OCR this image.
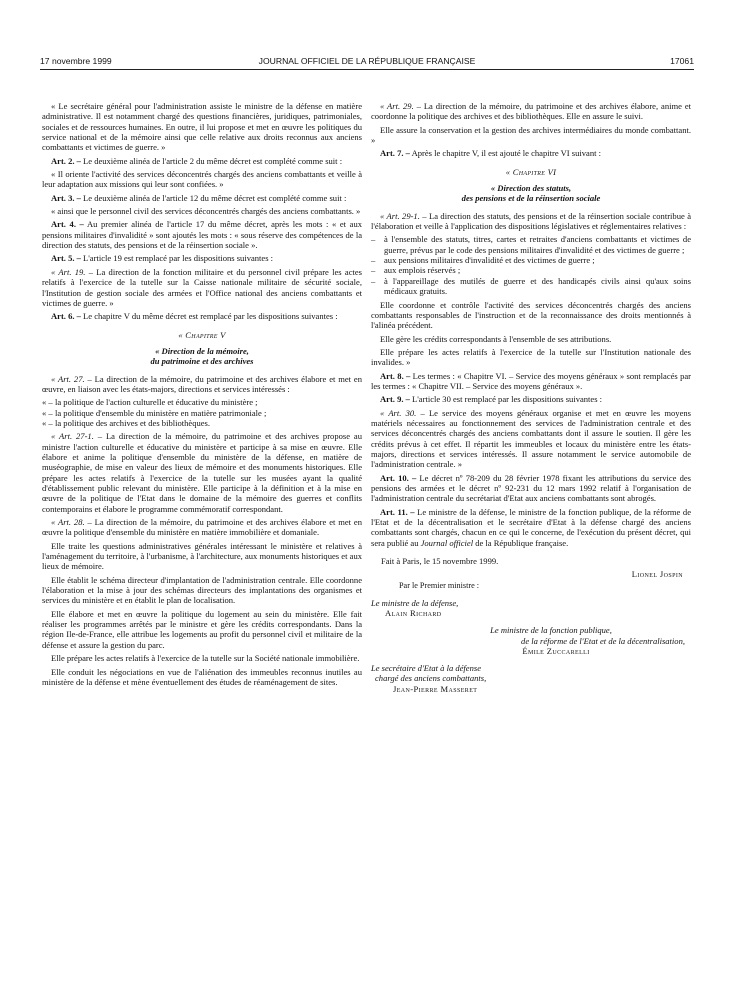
17 novembre 1999	JOURNAL OFFICIEL DE LA RÉPUBLIQUE FRANÇAISE	17061

« Le secrétaire général pour l'administration assiste le ministre de la défense en matière administrative. Il est notamment chargé des questions financières, juridiques, patrimoniales, sociales et de ressources humaines. En outre, il lui propose et met en œuvre les politiques du service national et de la mémoire ainsi que celle relative aux droits reconnus aux anciens combattants et victimes de guerre. »

Art. 2. – Le deuxième alinéa de l'article 2 du même décret est complété comme suit :

« Il oriente l'activité des services déconcentrés chargés des anciens combattants et veille à leur adaptation aux missions qui leur sont confiées. »

Art. 3. – Le deuxième alinéa de l'article 12 du même décret est complété comme suit :

« ainsi que le personnel civil des services déconcentrés chargés des anciens combattants. »

Art. 4. – Au premier alinéa de l'article 17 du même décret, après les mots : « et aux pensions militaires d'invalidité » sont ajoutés les mots : « sous réserve des compétences de la direction des statuts, des pensions et de la réinsertion sociale ».

Art. 5. – L'article 19 est remplacé par les dispositions suivantes :

« Art. 19. – La direction de la fonction militaire et du personnel civil prépare les actes relatifs à l'exercice de la tutelle sur la Caisse nationale militaire de sécurité sociale, l'Institution de gestion sociale des armées et l'Office national des anciens combattants et victimes de guerre. »

Art. 6. – Le chapitre V du même décret est remplacé par les dispositions suivantes :

« Chapitre V
« Direction de la mémoire,
du patrimoine et des archives

« Art. 27. – La direction de la mémoire, du patrimoine et des archives élabore et met en œuvre, en liaison avec les états-majors, directions et services intéressés :

« – la politique de l'action culturelle et éducative du ministère ;
« – la politique d'ensemble du ministère en matière patrimoniale ;
« – la politique des archives et des bibliothèques.

« Art. 27-1. – La direction de la mémoire, du patrimoine et des archives propose au ministre l'action culturelle et éducative du ministère et participe à sa mise en œuvre. Elle élabore et anime la politique d'ensemble du ministère de la défense, en matière de muséographie, de mise en valeur des lieux de mémoire et des monuments historiques. Elle prépare les actes relatifs à l'exercice de la tutelle sur les musées ayant la qualité d'établissement public relevant du ministère. Elle participe à la définition et à la mise en œuvre de la politique de l'Etat dans le domaine de la mémoire des guerres et conflits contemporains et élabore le programme commémoratif correspondant.

« Art. 28. – La direction de la mémoire, du patrimoine et des archives élabore et met en œuvre la politique d'ensemble du ministère en matière immobilière et domaniale.

Elle traite les questions administratives générales intéressant le ministère et relatives à l'aménagement du territoire, à l'urbanisme, à l'architecture, aux monuments historiques et aux lieux de mémoire.

Elle établit le schéma directeur d'implantation de l'administration centrale. Elle coordonne l'élaboration et la mise à jour des schémas directeurs des implantations des organismes et services du ministère et en établit le plan de localisation.

Elle élabore et met en œuvre la politique du logement au sein du ministère. Elle fait réaliser les programmes arrêtés par le ministre et gère les crédits correspondants. Dans la région Ile-de-France, elle attribue les logements au profit du personnel civil et militaire de la défense et assure la gestion du parc.

Elle prépare les actes relatifs à l'exercice de la tutelle sur la Société nationale immobilière.

Elle conduit les négociations en vue de l'aliénation des immeubles reconnus inutiles au ministère de la défense et mène éventuellement des études de réaménagement de sites.

« Art. 29. – La direction de la mémoire, du patrimoine et des archives élabore, anime et coordonne la politique des archives et des bibliothèques. Elle en assure le suivi.

Elle assure la conservation et la gestion des archives intermédiaires du monde combattant. »

Art. 7. – Après le chapitre V, il est ajouté le chapitre VI suivant :

« Chapitre VI
« Direction des statuts,
des pensions et de la réinsertion sociale

« Art. 29-1. – La direction des statuts, des pensions et de la réinsertion sociale contribue à l'élaboration et veille à l'application des dispositions législatives et réglementaires relatives :

– à l'ensemble des statuts, titres, cartes et retraites d'anciens combattants et victimes de guerre, prévus par le code des pensions militaires d'invalidité et des victimes de guerre ;
– aux pensions militaires d'invalidité et des victimes de guerre ;
– aux emplois réservés ;
– à l'appareillage des mutilés de guerre et des handicapés civils ainsi qu'aux soins médicaux gratuits.

Elle coordonne et contrôle l'activité des services déconcentrés chargés des anciens combattants responsables de l'instruction et de la reconnaissance des droits mentionnés à l'alinéa précédent.

Elle gère les crédits correspondants à l'ensemble de ses attributions.

Elle prépare les actes relatifs à l'exercice de la tutelle sur l'Institution nationale des invalides. »

Art. 8. – Les termes : « Chapitre VI. – Service des moyens généraux » sont remplacés par les termes : « Chapitre VII. – Service des moyens généraux ».

Art. 9. – L'article 30 est remplacé par les dispositions suivantes :

« Art. 30. – Le service des moyens généraux organise et met en œuvre les moyens matériels nécessaires au fonctionnement des services de l'administration centrale et des services déconcentrés chargés des anciens combattants dont il assure le soutien. Il gère les crédits prévus à cet effet. Il répartit les immeubles et locaux du ministère entre les états-majors, directions et services intéressés. Il assure notamment le service automobile de l'administration centrale. »

Art. 10. – Le décret nº 78-209 du 28 février 1978 fixant les attributions du service des pensions des armées et le décret nº 92-231 du 12 mars 1992 relatif à l'organisation de l'administration centrale du secrétariat d'Etat aux anciens combattants sont abrogés.

Art. 11. – Le ministre de la défense, le ministre de la fonction publique, de la réforme de l'Etat et de la décentralisation et le secrétaire d'Etat à la défense chargé des anciens combattants sont chargés, chacun en ce qui le concerne, de l'exécution du présent décret, qui sera publié au Journal officiel de la République française.

Fait à Paris, le 15 novembre 1999.
Lionel Jospin
Par le Premier ministre :
Le ministre de la défense,
Alain Richard
Le ministre de la fonction publique,
de la réforme de l'Etat et de la décentralisation,
Émile Zuccarelli
Le secrétaire d'Etat à la défense
chargé des anciens combattants,
Jean-Pierre Masseret
